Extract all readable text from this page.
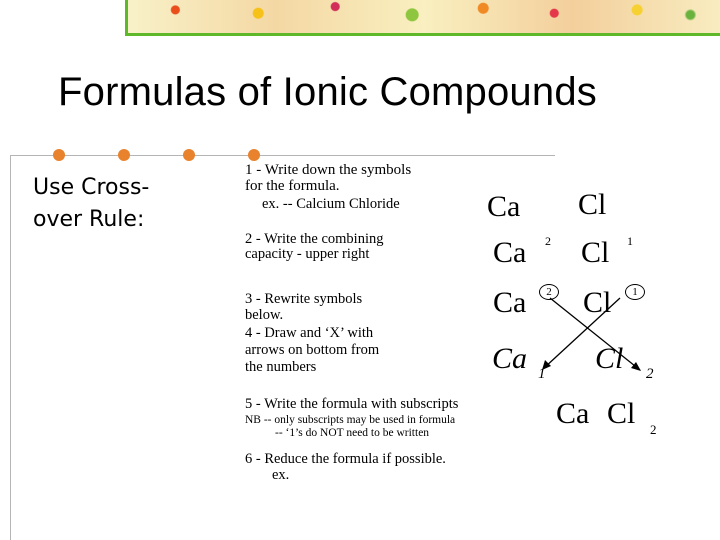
Formulas of Ionic Compounds
Use Cross-
over Rule:
1 - Write down the symbols
for the formula.
ex. -- Calcium Chloride
2 - Write the combining
capacity - upper right
3 - Rewrite symbols
below.
4 - Draw and ‘X’ with
arrows on bottom from
the numbers
5 - Write the formula with subscripts
NB -- only subscripts may be used in formula
-- ‘1’s do NOT need to be written
6 - Reduce the formula if possible.
ex.
Ca Cl
Ca 2 Cl 1
Ca	2 Cl	1
Ca 1 Cl 2
Ca Cl 2
